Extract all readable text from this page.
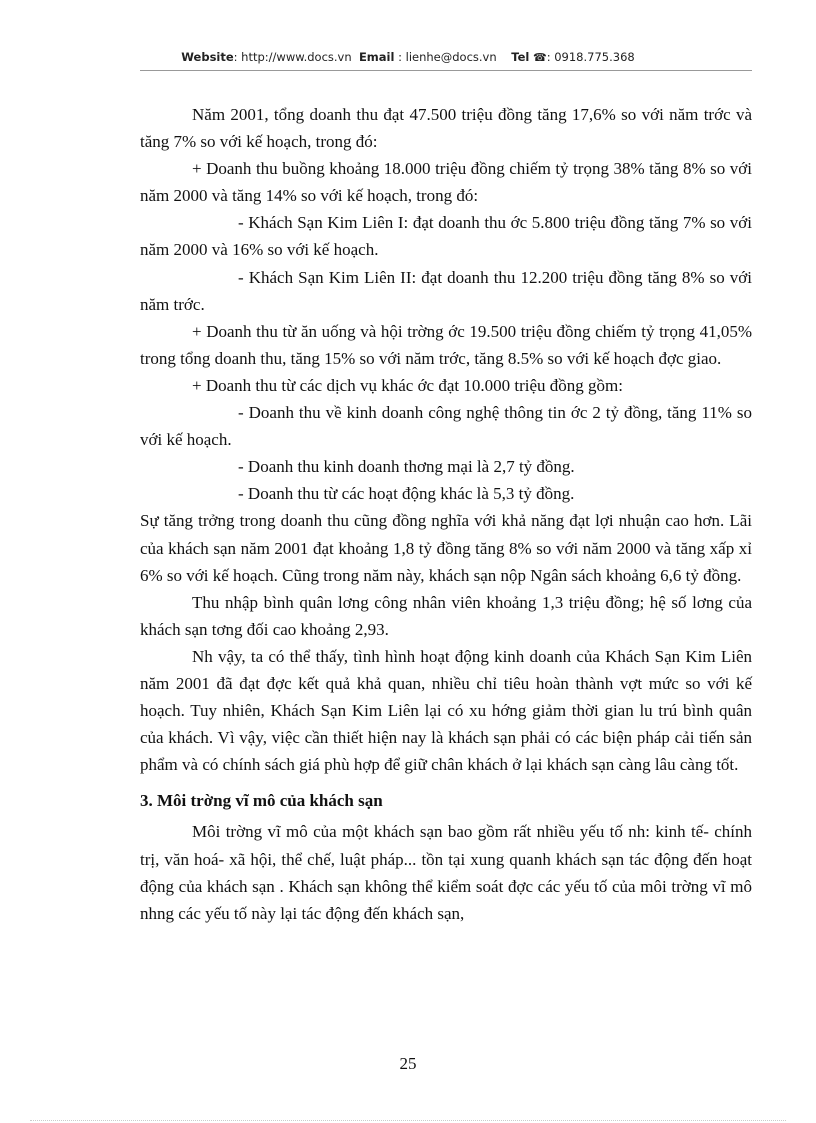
Website: http://www.docs.vn Email : lienhe@docs.vn Tel ☎: 0918.775.368

Năm 2001, tổng doanh thu đạt 47.500 triệu đồng tăng 17,6% so với năm trớc và tăng 7% so với kế hoạch, trong đó:

+ Doanh thu buồng khoảng 18.000 triệu đồng chiếm tỷ trọng 38% tăng 8% so với năm 2000 và tăng 14% so với kế hoạch, trong đó:

- Khách Sạn Kim Liên I: đạt doanh thu ớc 5.800 triệu đồng tăng 7% so với năm 2000 và 16% so với kế hoạch.

- Khách Sạn Kim Liên II: đạt doanh thu 12.200 triệu đồng tăng 8% so với năm trớc.

+ Doanh thu từ ăn uống và hội trờng ớc 19.500 triệu đồng chiếm tỷ trọng 41,05% trong tổng doanh thu, tăng 15% so với năm trớc, tăng 8.5% so với kế hoạch đợc giao.

+ Doanh thu từ các dịch vụ khác ớc đạt 10.000 triệu đồng gồm:

- Doanh thu về kinh doanh công nghệ thông tin ớc 2 tỷ đồng, tăng 11% so với kế hoạch.

- Doanh thu kinh doanh thơng mại là 2,7 tỷ đồng.

- Doanh thu từ các hoạt động khác là 5,3 tỷ đồng.

Sự tăng trởng trong doanh thu cũng đồng nghĩa với khả năng đạt lợi nhuận cao hơn. Lãi của khách sạn năm 2001 đạt khoảng 1,8 tỷ đồng tăng 8% so với năm 2000 và tăng xấp xỉ 6% so với kế hoạch. Cũng trong năm này, khách sạn nộp Ngân sách khoảng 6,6 tỷ đồng.

Thu nhập bình quân lơng công nhân viên khoảng 1,3 triệu đồng; hệ số lơng của khách sạn tơng đối cao khoảng 2,93.

Nh vậy, ta có thể thấy, tình hình hoạt động kinh doanh của Khách Sạn Kim Liên năm 2001 đã đạt đợc kết quả khả quan, nhiều chỉ tiêu hoàn thành vợt mức so với kế hoạch. Tuy nhiên, Khách Sạn Kim Liên lại có xu hớng giảm thời gian lu trú bình quân của khách. Vì vậy, việc cần thiết hiện nay là khách sạn phải có các biện pháp cải tiến sản phẩm và có chính sách giá phù hợp để giữ chân khách ở lại khách sạn càng lâu càng tốt.

3. Môi trờng vĩ mô của khách sạn

Môi trờng vĩ mô của một khách sạn bao gồm rất nhiều yếu tố nh: kinh tế- chính trị, văn hoá- xã hội, thể chế, luật pháp... tồn tại xung quanh khách sạn tác động đến hoạt động của khách sạn . Khách sạn không thể kiểm soát đợc các yếu tố của môi trờng vĩ mô nhng các yếu tố này lại tác động đến khách sạn,

25
